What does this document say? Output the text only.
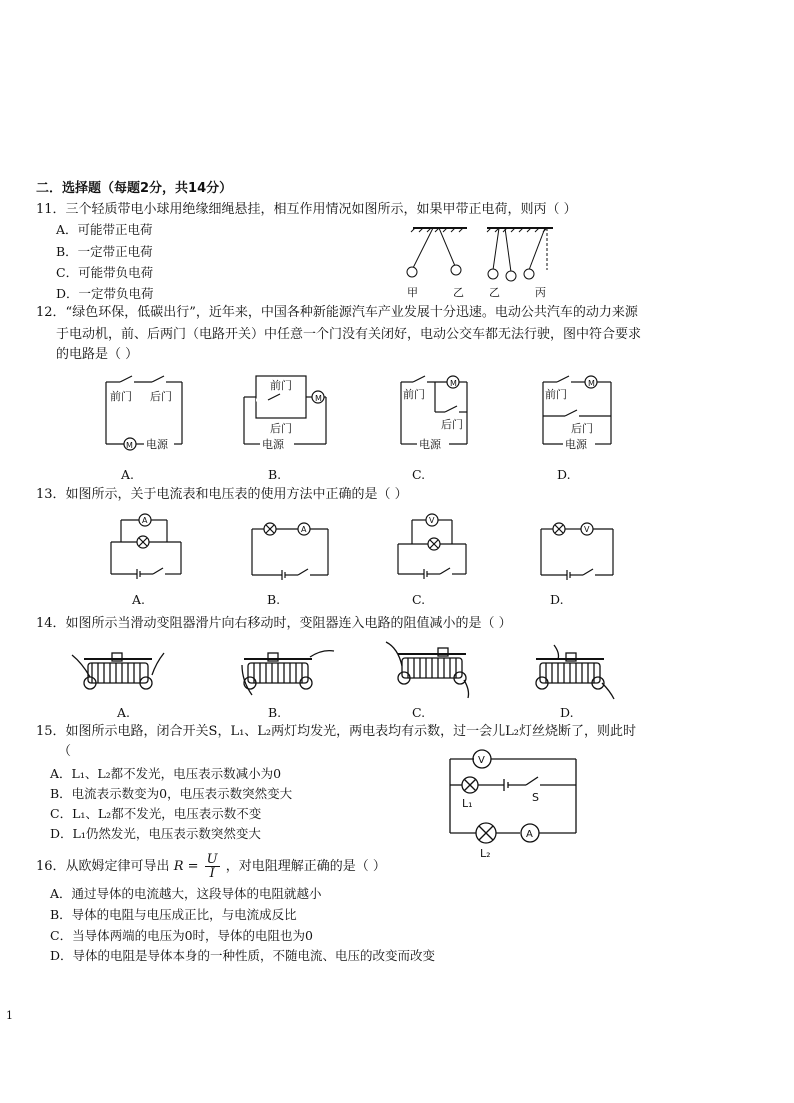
二．选择题（每题2分，共14分）
11．三个轻质带电小球用绝缘细绳悬挂，相互作用情况如图所示，如果甲带正电荷，则丙（ ）
A．可能带正电荷
B．一定带正电荷
C．可能带负电荷
D．一定带负电荷	甲	乙 乙	丙
12．“绿色环保，低碳出行”，近年来，中国各种新能源汽车产业发展十分迅速。电动公共汽车的动力来源
于电动机，前、后两门（电路开关）中任意一个门没有关闭好，电动公交车都无法行驶，图中符合要求
的电路是（ ）
M
前门 后门
电源
A.
M
前门
后门
电源
B.
M
前门
后门
电源
C.
M
前门
后门
电源
D.
13．如图所示，关于电流表和电压表的使用方法中正确的是（ ）
A
A.
A
B.
V
C.
V
D.
14．如图所示当滑动变阻器滑片向右移动时，变阻器连入电路的阻值减小的是（ ）
A.	B.	C.	D.
15．如图所示电路，闭合开关S，L₁、L₂两灯均发光，两电表均有示数，过一会儿L₂灯丝烧断了，则此时
（
A．L₁、L₂都不发光，电压表示数减小为0
B．电流表示数变为0，电压表示数突然变大
C．L₁、L₂都不发光，电压表示数不变
D．L₁仍然发光，电压表示数突然变大
V
A
S
L₁
L₂
16．从欧姆定律可导出 $R = \frac{U}{I}$ ，对电阻理解正确的是（ ）
A．通过导体的电流越大，这段导体的电阻就越小
B．导体的电阻与电压成正比，与电流成反比
C．当导体两端的电压为0时，导体的电阻也为0
D．导体的电阻是导体本身的一种性质，不随电流、电压的改变而改变
1
